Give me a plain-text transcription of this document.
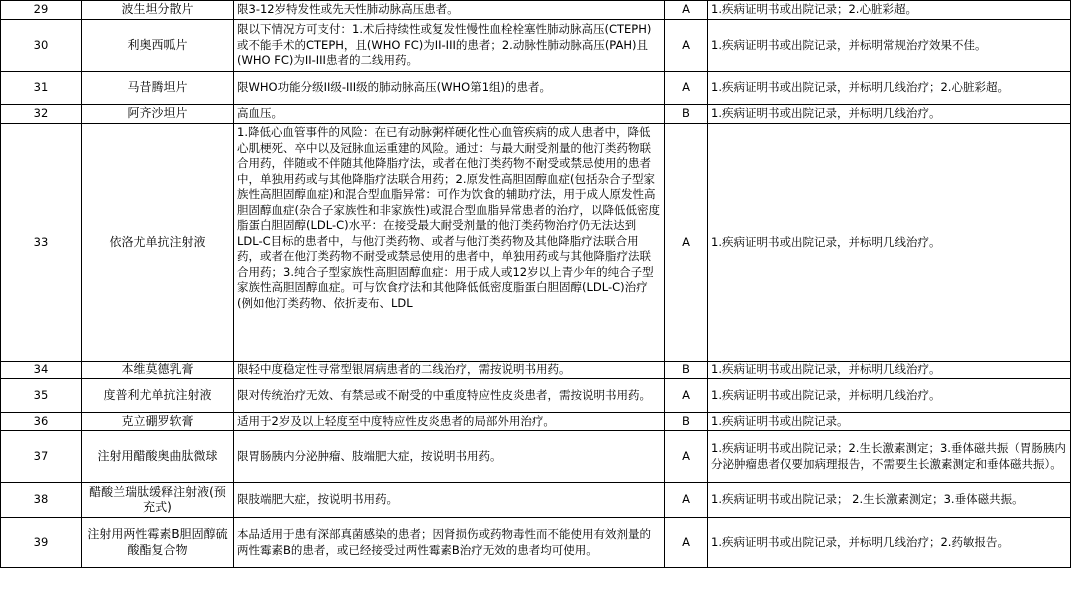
29	波生坦分散片	限3-12岁特发性或先天性肺动脉高压患者。	A	1.疾病证明书或出院记录；2.心脏彩超。
30	利奥西呱片	限以下情况方可支付：1.术后持续性或复发性慢性血栓栓塞性肺动脉高压(CTEPH)或不能手术的CTEPH，且(WHO FC)为II-III的患者；2.动脉性肺动脉高压(PAH)且(WHO FC)为II-III患者的二线用药。	A	1.疾病证明书或出院记录，并标明常规治疗效果不佳。
31	马昔腾坦片	限WHO功能分级II级-III级的肺动脉高压(WHO第1组)的患者。	A	1.疾病证明书或出院记录，并标明几线治疗；2.心脏彩超。
32	阿齐沙坦片	高血压。	B	1.疾病证明书或出院记录，并标明几线治疗。
33	依洛尤单抗注射液	1.降低心血管事件的风险：在已有动脉粥样硬化性心血管疾病的成人患者中，降低心肌梗死、卒中以及冠脉血运重建的风险。通过：与最大耐受剂量的他汀类药物联合用药，伴随或不伴随其他降脂疗法，或者在他汀类药物不耐受或禁忌使用的患者中，单独用药或与其他降脂疗法联合用药；2.原发性高胆固醇血症(包括杂合子型家族性高胆固醇血症)和混合型血脂异常：可作为饮食的辅助疗法，用于成人原发性高胆固醇血症(杂合子家族性和非家族性)或混合型血脂异常患者的治疗，以降低低密度脂蛋白胆固醇(LDL-C)水平：在接受最大耐受剂量的他汀类药物治疗仍无法达到LDL-C目标的患者中，与他汀类药物、或者与他汀类药物及其他降脂疗法联合用药，或者在他汀类药物不耐受或禁忌使用的患者中，单独用药或与其他降脂疗法联合用药；3.纯合子型家族性高胆固醇血症：用于成人或12岁以上青少年的纯合子型家族性高胆固醇血症。可与饮食疗法和其他降低低密度脂蛋白胆固醇(LDL-C)治疗(例如他汀类药物、依折麦布、LDL	A	1.疾病证明书或出院记录，并标明几线治疗。
34	本维莫德乳膏	限轻中度稳定性寻常型银屑病患者的二线治疗，需按说明书用药。	B	1.疾病证明书或出院记录，并标明几线治疗。
35	度普利尤单抗注射液	限对传统治疗无效、有禁忌或不耐受的中重度特应性皮炎患者，需按说明书用药。	A	1.疾病证明书或出院记录，并标明几线治疗。
36	克立硼罗软膏	适用于2岁及以上轻度至中度特应性皮炎患者的局部外用治疗。	B	1.疾病证明书或出院记录。
37	注射用醋酸奥曲肽微球	限胃肠胰内分泌肿瘤、肢端肥大症，按说明书用药。	A	1.疾病证明书或出院记录；2.生长激素测定；3.垂体磁共振（胃肠胰内分泌肿瘤患者仅要加病理报告，不需要生长激素测定和垂体磁共振）。
38	醋酸兰瑞肽缓释注射液(预充式)	限肢端肥大症，按说明书用药。	A	1.疾病证明书或出院记录； 2.生长激素测定；3.垂体磁共振。
39	注射用两性霉素B胆固醇硫酸酯复合物	本品适用于患有深部真菌感染的患者；因肾损伤或药物毒性而不能使用有效剂量的两性霉素B的患者，或已经接受过两性霉素B治疗无效的患者均可使用。	A	1.疾病证明书或出院记录，并标明几线治疗；2.药敏报告。
